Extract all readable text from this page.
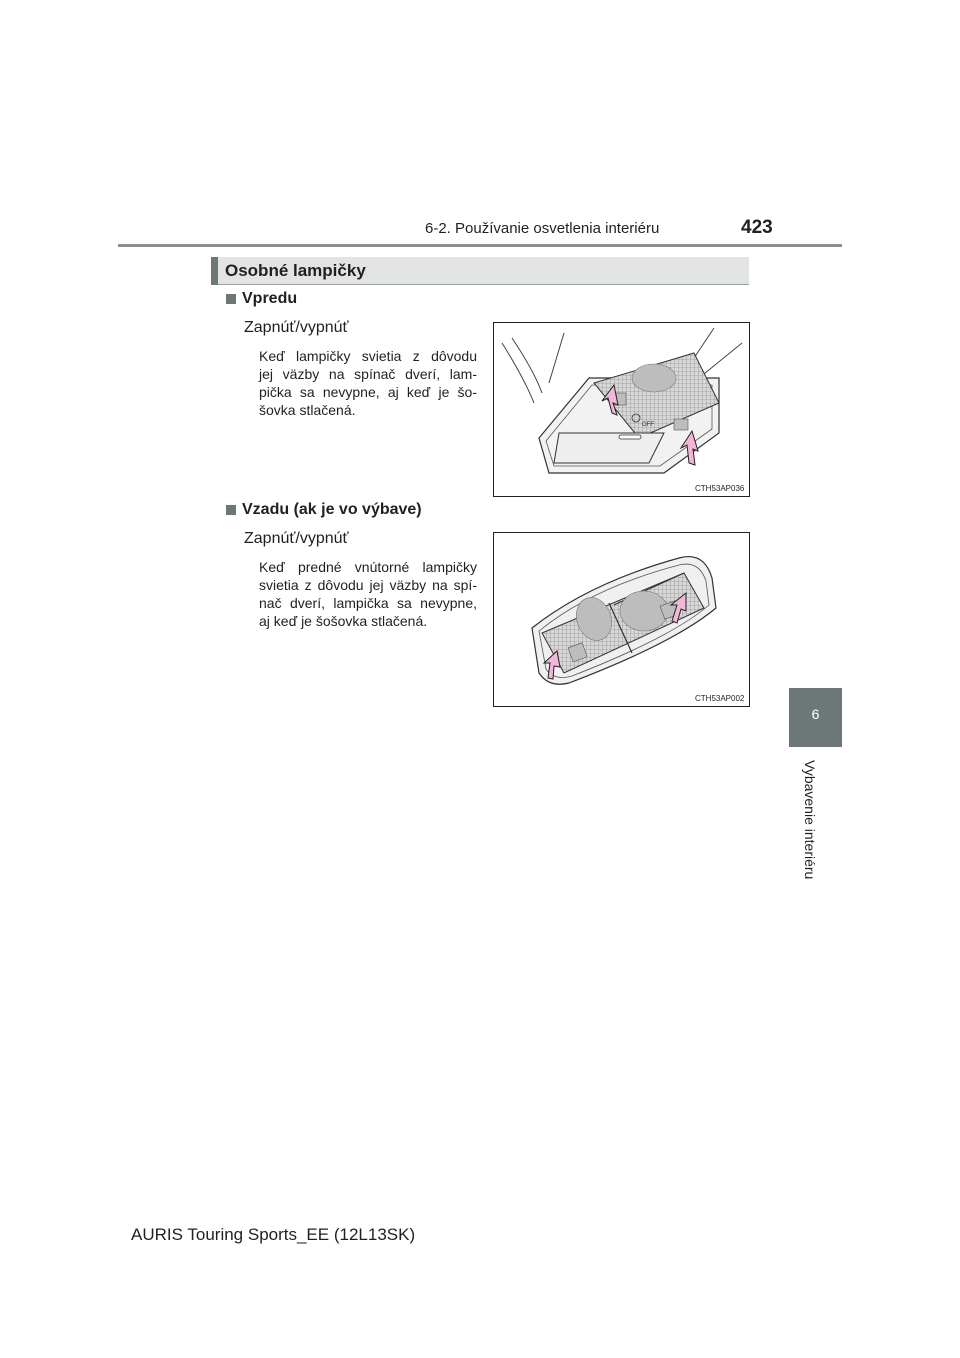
6-2. Používanie osvetlenia interiéru	423
6
Vybavenie interiéru
Osobné lampičky
Vpredu
Zapnúť/vypnúť
Keď lampičky svietia z dôvodu
jej väzby na spínač dverí, lam-
pička sa nevypne, aj keď je šo-
šovka stlačená.
OFF
CTH53AP036
Vzadu (ak je vo výbave)
Zapnúť/vypnúť
Keď predné vnútorné lampičky
svietia z dôvodu jej väzby na spí-
nač dverí, lampička sa nevypne,
aj keď je šošovka stlačená.
CTH53AP002
AURIS Touring Sports_EE (12L13SK)
